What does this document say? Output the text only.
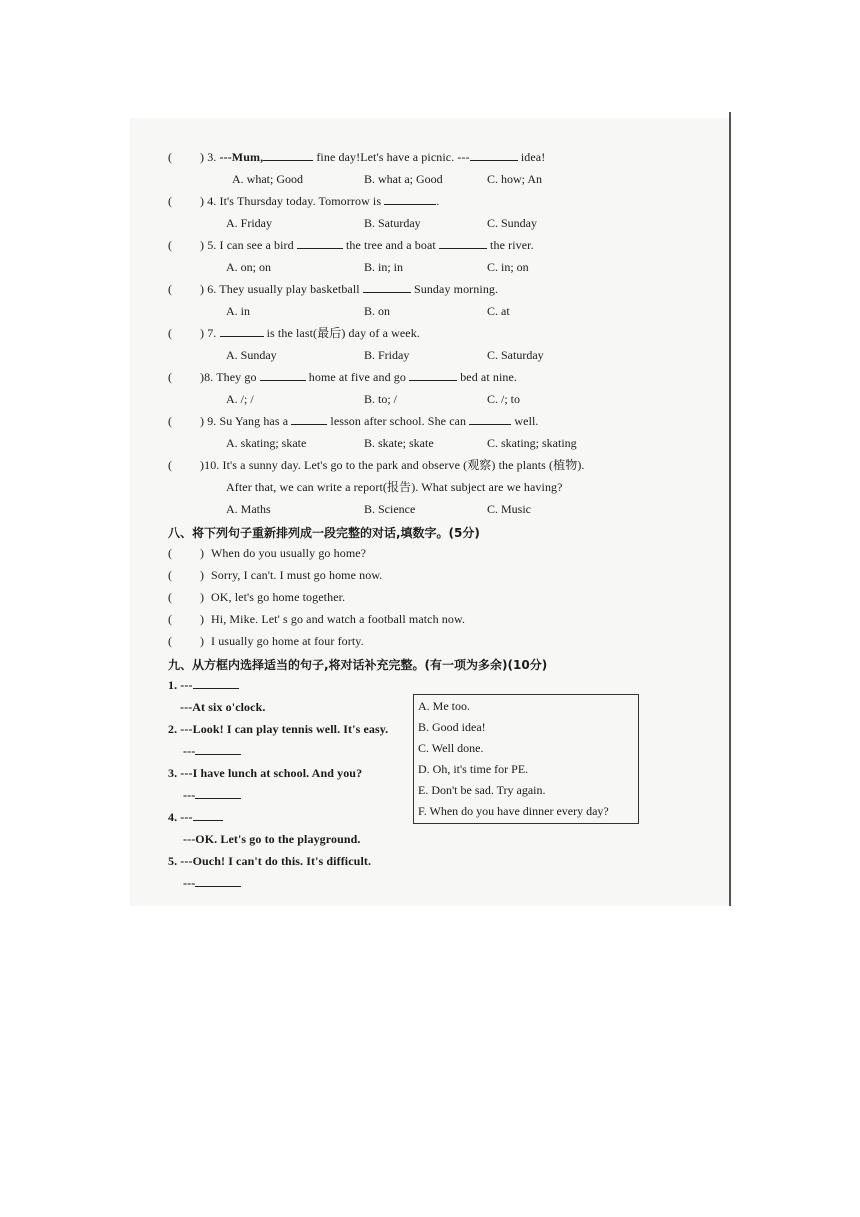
( ) 3. ---Mum,	fine day!Let's have a picnic. ---	idea!
A. what; Good	B. what a; Good	C. how; An
( ) 4. It's Thursday today. Tomorrow is	.
A. Friday	B. Saturday	C. Sunday
( ) 5. I can see a bird	the tree and a boat	the river.
A. on; on	B. in; in	C. in; on
( ) 6. They usually play basketball	Sunday morning.
A. in	B. on	C. at
( ) 7.	is the last(最后) day of a week.
A. Sunday	B. Friday	C. Saturday
( )8. They go	home at five and go	bed at nine.
A. /; /	B. to; /	C. /; to
( ) 9. Su Yang has a	lesson after school. She can	well.
A. skating; skate	B. skate; skate	C. skating; skating
( )10. It's a sunny day. Let's go to the park and observe (观察) the plants (植物).
After that, we can write a report(报告). What subject are we having?
A. Maths	B. Science	C. Music
八、将下列句子重新排列成一段完整的对话,填数字。(5分)
( ) When do you usually go home?
( ) Sorry, I can't. I must go home now.
( ) OK, let's go home together.
( ) Hi, Mike. Let' s go and watch a football match now.
( ) I usually go home at four forty.
九、从方框内选择适当的句子,将对话补充完整。(有一项为多余)(10分)
1. ---
---At six o'clock.
2. ---Look! I can play tennis well. It's easy.
---
3. ---I have lunch at school. And you?
---
4. ---
---OK. Let's go to the playground.
5. ---Ouch! I can't do this. It's difficult.
---
A. Me too.
B. Good idea!
C. Well done.
D. Oh, it's time for PE.
E. Don't be sad. Try again.
F. When do you have dinner every day?
